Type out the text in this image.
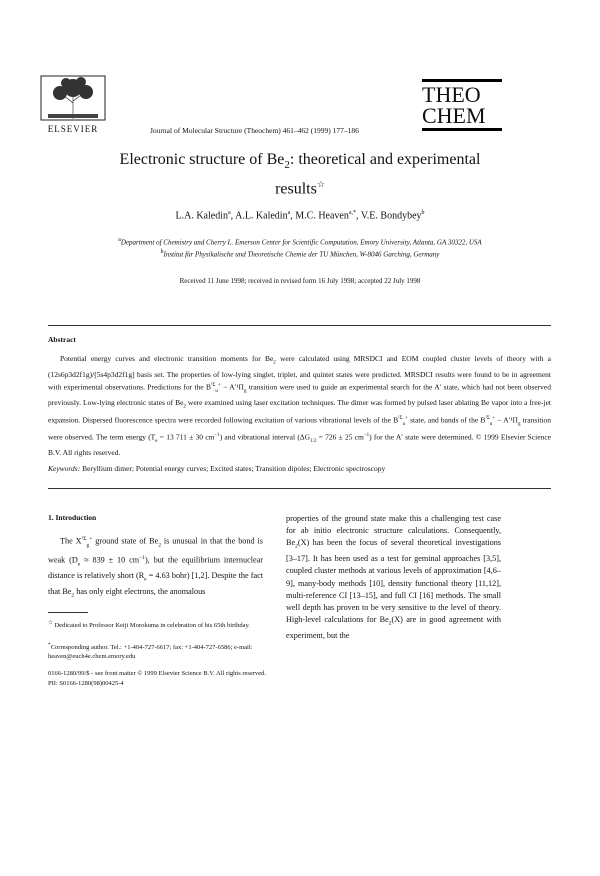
ELSEVIER	Journal of Molecular Structure (Theochem) 461–462 (1999) 177–186
THEO
CHEM
Electronic structure of $Be_2$: theoretical and experimental
results☆
L.A. Kaledin$^a$, A.L. Kaledin$^a$, M.C. Heaven$^{a,*}$, V.E. Bondybey$^b$
$^a$Department of Chemistry and Cherry L. Emerson Center for Scientific Computation, Emory University, Atlanta, GA 30322, USA
$^b$Institut für Physikalische und Theoretische Chemie der TU München, W-8046 Garching, Germany
Received 11 June 1998; received in revised form 16 July 1998; accepted 22 July 1998
Abstract
Potential energy curves and electronic transition moments for $Be_2$ were calculated using MRSDCI and EOM coupled cluster levels of theory with a (12s6p3d2f1g)/[5s4p3d2f1g] basis set. The properties of low-lying singlet, triplet, and quintet states were predicted. MRSDCI results were found to be in agreement with experimental observations. Predictions for the $B^{^1\Sigma}_u^+ - A'^1\Pi_g$ transition were used to guide an experimental search for the A′ state, which had not been observed previously. Low-lying electronic states of $Be_2$ were examined using laser excitation techniques. The dimer was formed by pulsed laser ablating Be vapor into a free-jet expansion. Dispersed fluorescence spectra were recorded following excitation of various vibrational levels of the $B^{^1\Sigma}_u^+$ state, and bands of the $B^{^1\Sigma}_u^+ - A'^1\Pi_g$ transition were observed. The term energy ($T_e = 13$ 711 ± 30 $cm^{-1}$) and vibrational interval ($\Delta G_{1/2} = 726 \pm 25$ $cm^{-1}$) for the A′ state were determined. © 1999 Elsevier Science B.V. All rights reserved.
Keywords: Beryllium dimer; Potential energy curves; Excited states; Transition dipoles; Electronic spectroscopy
1. Introduction
The $X^{^1\Sigma}_g^+$ ground state of $Be_2$ is unusual in that the bond is weak ($D_e \approx 839 \pm 10$ $cm^{-1}$), but the equilibrium internuclear distance is relatively short ($R_e = 4.63$ bohr) [1,2]. Despite the fact that $Be_2$ has only eight electrons, the anomalous
properties of the ground state make this a challenging test case for ab initio electronic structure calculations. Consequently, $Be_2(X)$ has been the focus of several theoretical investigations [3–17]. It has been used as a test for geminal approaches [3,5], coupled cluster methods at various levels of approximation [4,6–9], many-body methods [10], density functional theory [11,12], multi-reference CI [13–15], and full CI [16] methods. The small well depth has proven to be very sensitive to the level of theory. High-level calculations for $Be_2(X)$ are in good agreement with experiment, but the
☆ Dedicated to Professor Keiji Morokuma in celebration of his 65th birthday.
*Corresponding author. Tel.: +1-404-727-6617; fax: +1-404-727-6586; e-mail: heaven@euch4e.chem.emory.edu
0166-1280/99/$ - see front matter © 1999 Elsevier Science B.V. All rights reserved.
PII: S0166-1280(98)00425-4
